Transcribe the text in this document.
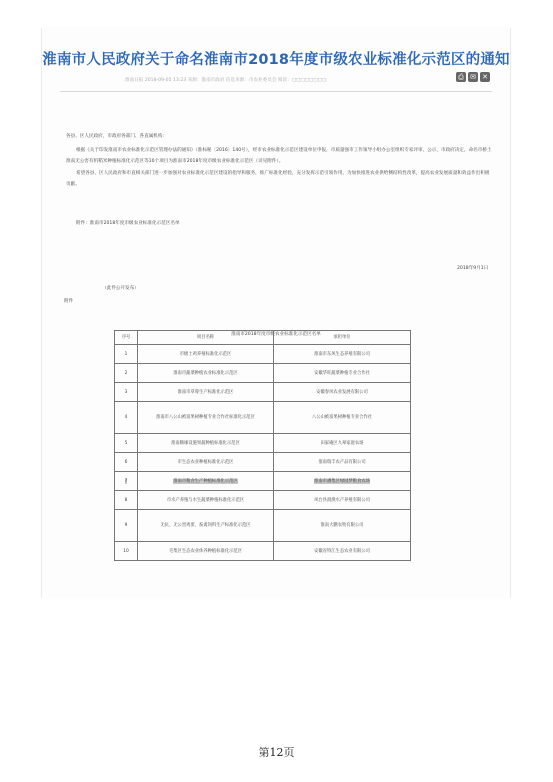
淮南市人民政府关于命名淮南市2018年度市级农业标准化示范区的通知
淮南日报 2018-09-05 13:23 来源：淮南市政府 信息来源：市农业委员会 阅读：□□□□□□□□	⎙ ✉ ✕
各县、区人民政府，市政府各部门、各直属机构：
根据《关于印发淮南市农业标准化示范区管理办法的通知》（淮标秘〔2016〕140号），经市农业标准化示范区建设单位申报，市质量强市工作领导小组办公室组织专家评审、公示，市政府决定，命名市桥土淮南无公害有机稻米种植标准化示范区等10个项目为淮南市2018年度市级农业标准化示范区（详见附件）。
希望各县、区人民政府和市直相关部门进一步加强对农业标准化示范区建设的指导和服务，推广标准化经验，充分发挥示范引领作用，为加快推进农业供给侧结构性改革，提高农业发展质量和效益作出积极贡献。
附件：淮南市2018年度市级农业标准化示范区名单
2018年9月1日
（此件公开发布）
附件
淮南市2018年度市级农业标准化示范区名单
序号	项目名称	承担单位
1	市级土鸡养殖标准化示范区	淮南市东风生态养殖有限公司
2	淮南市蔬菜种植农业标准化示范区	安徽华旺蔬菜种植专业合作社
3	淮南市草莓生产标准化示范区	安徽春风农业发展有限公司
4	淮南市八公山被富果树种植专业合作社标准化示范区	八公山被富果树种植专业合作社
5	淮南顺缘设施果蔬种植标准化示范区	田家庵区九翠家庭农场
6	市生态农业种植标准化示范区	淮南瑞丰农产品有限公司
7	淮南市粮食生产种植标准化示范区	淮南市潘集区绿园梦粮食农场
8	市水产养殖与水生蔬菜种植标准化示范区	凤台县润渔水产养殖有限公司
9	无抗、无公害鸡蛋、畜禽饲料生产标准化示范区	淮南大鹏农牧有限公司
10	毛集区生态农业休养种植标准化示范区	安徽省特江生态农业有限公司
第12页
